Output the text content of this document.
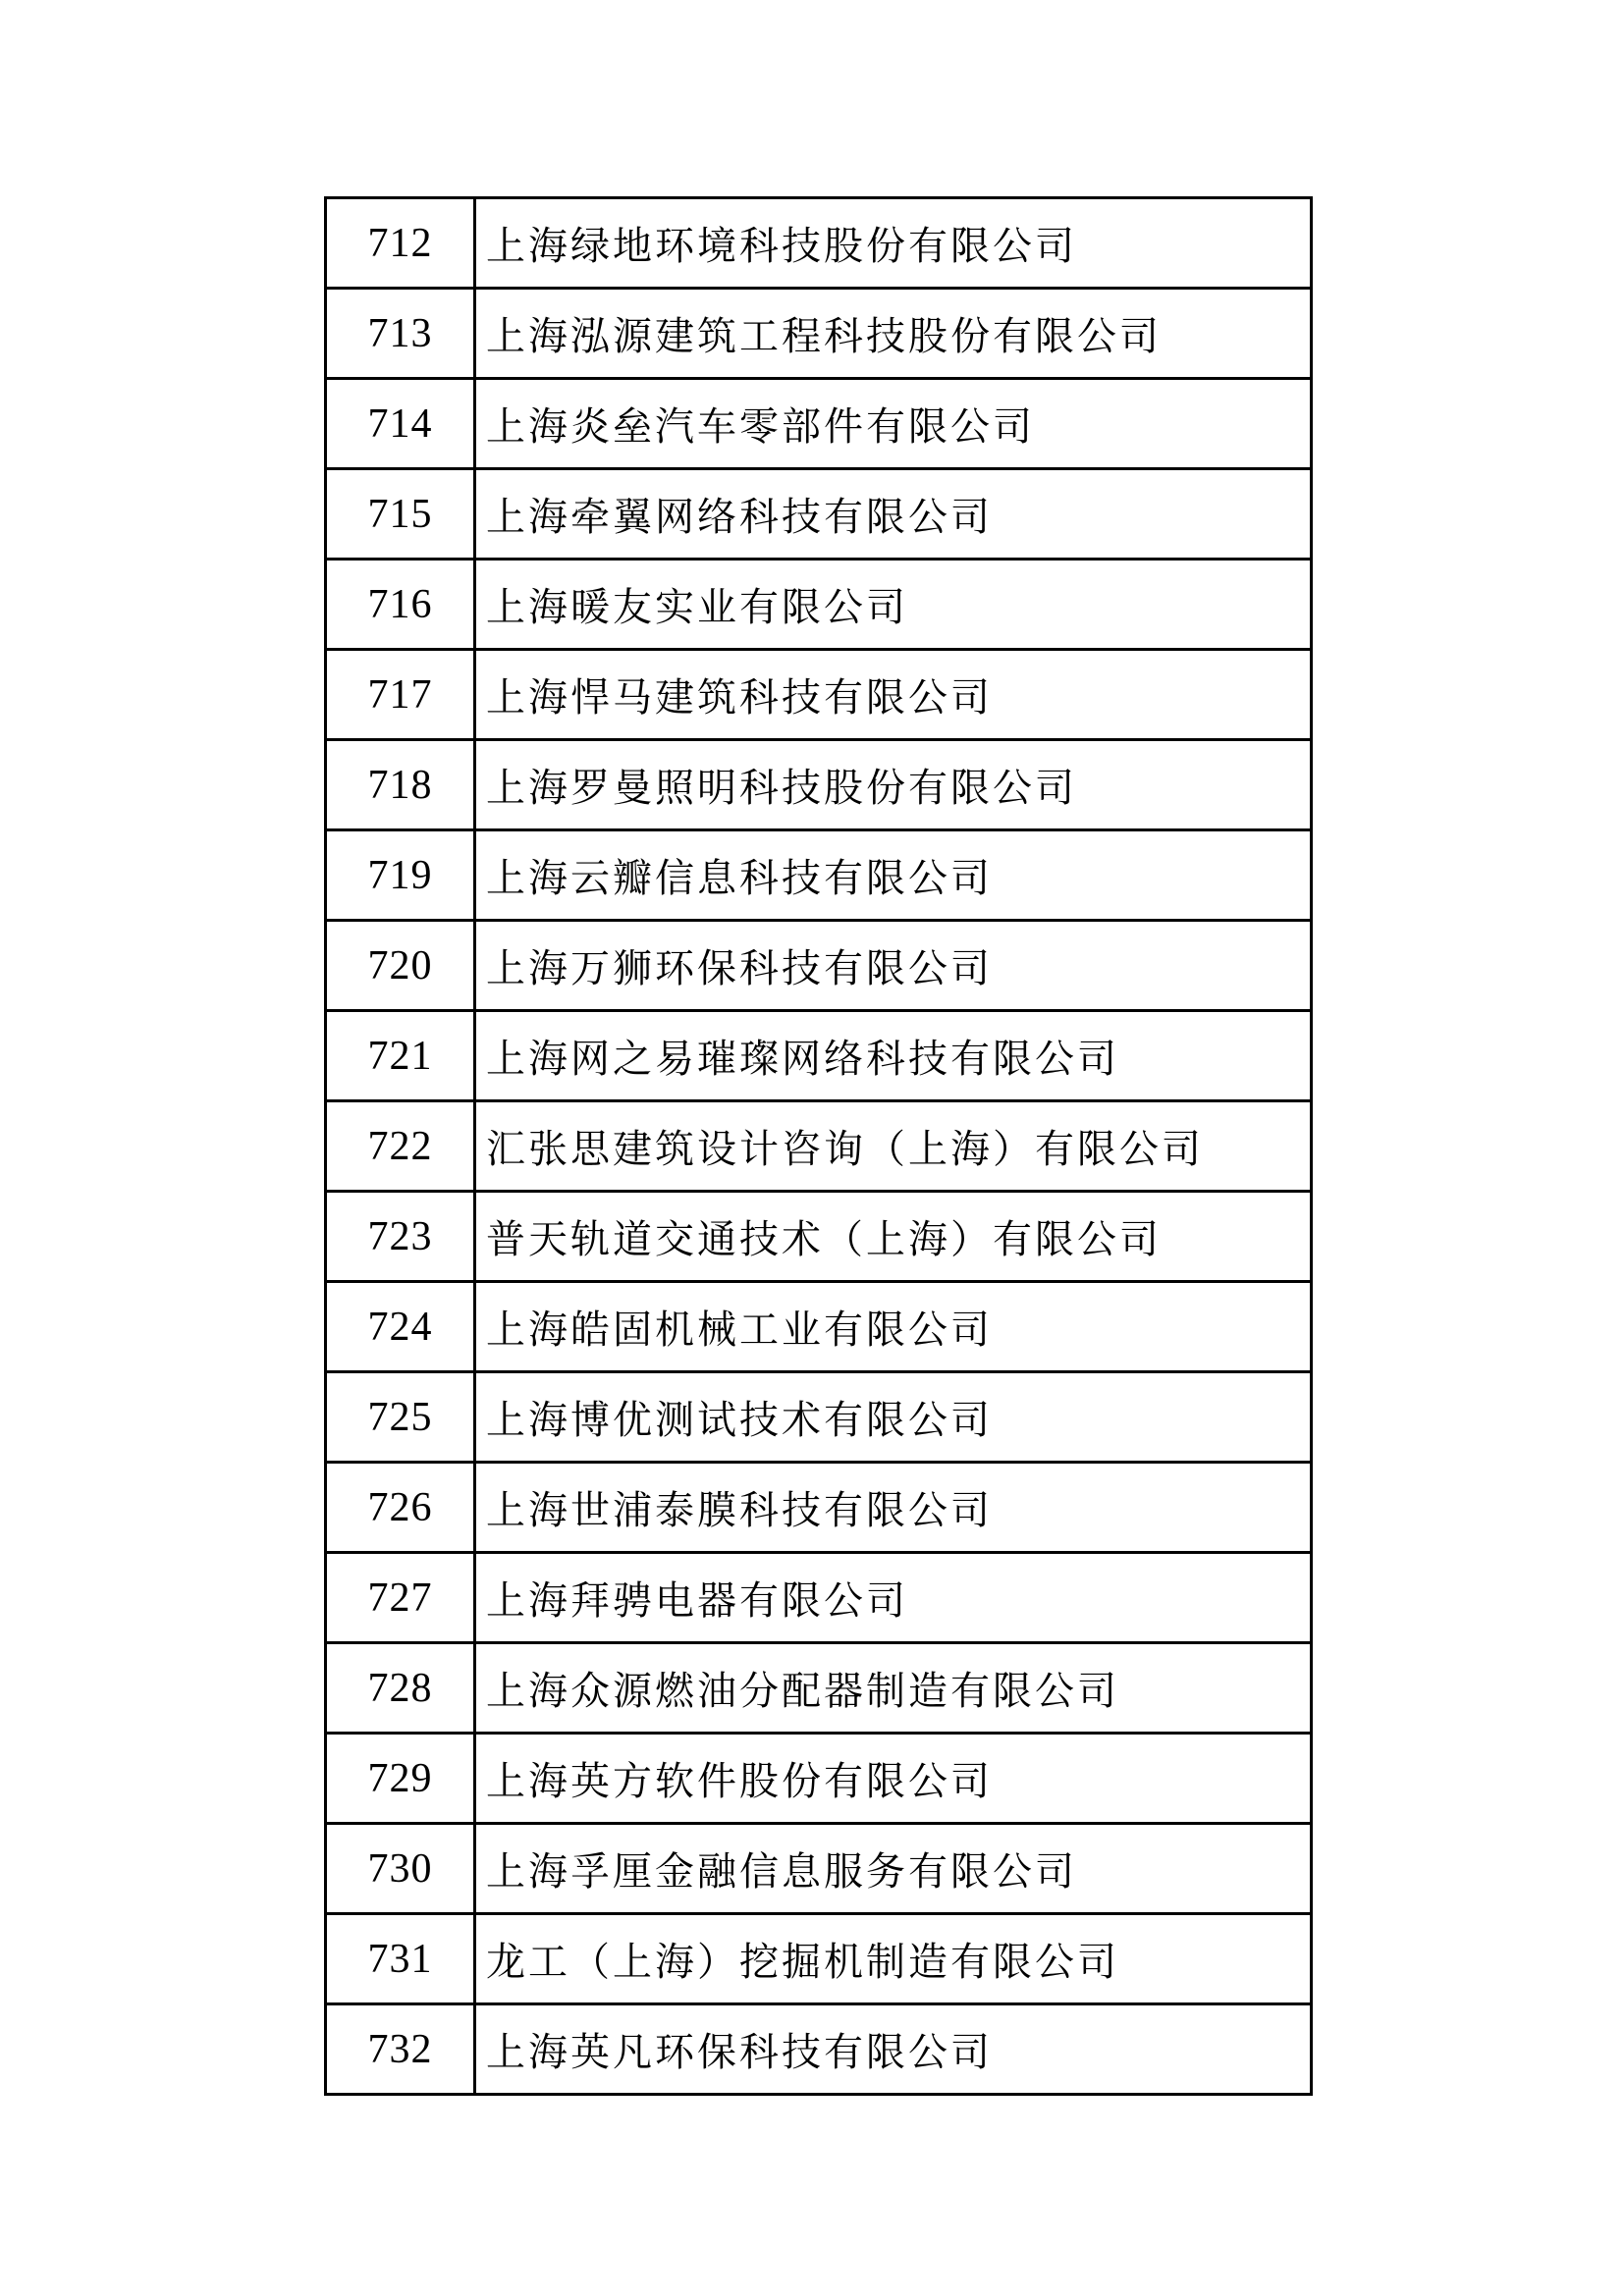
712	上海绿地环境科技股份有限公司
713	上海泓源建筑工程科技股份有限公司
714	上海炎垒汽车零部件有限公司
715	上海牵翼网络科技有限公司
716	上海暖友实业有限公司
717	上海悍马建筑科技有限公司
718	上海罗曼照明科技股份有限公司
719	上海云瓣信息科技有限公司
720	上海万狮环保科技有限公司
721	上海网之易璀璨网络科技有限公司
722	汇张思建筑设计咨询（上海）有限公司
723	普天轨道交通技术（上海）有限公司
724	上海皓固机械工业有限公司
725	上海博优测试技术有限公司
726	上海世浦泰膜科技有限公司
727	上海拜骋电器有限公司
728	上海众源燃油分配器制造有限公司
729	上海英方软件股份有限公司
730	上海孚厘金融信息服务有限公司
731	龙工（上海）挖掘机制造有限公司
732	上海英凡环保科技有限公司
